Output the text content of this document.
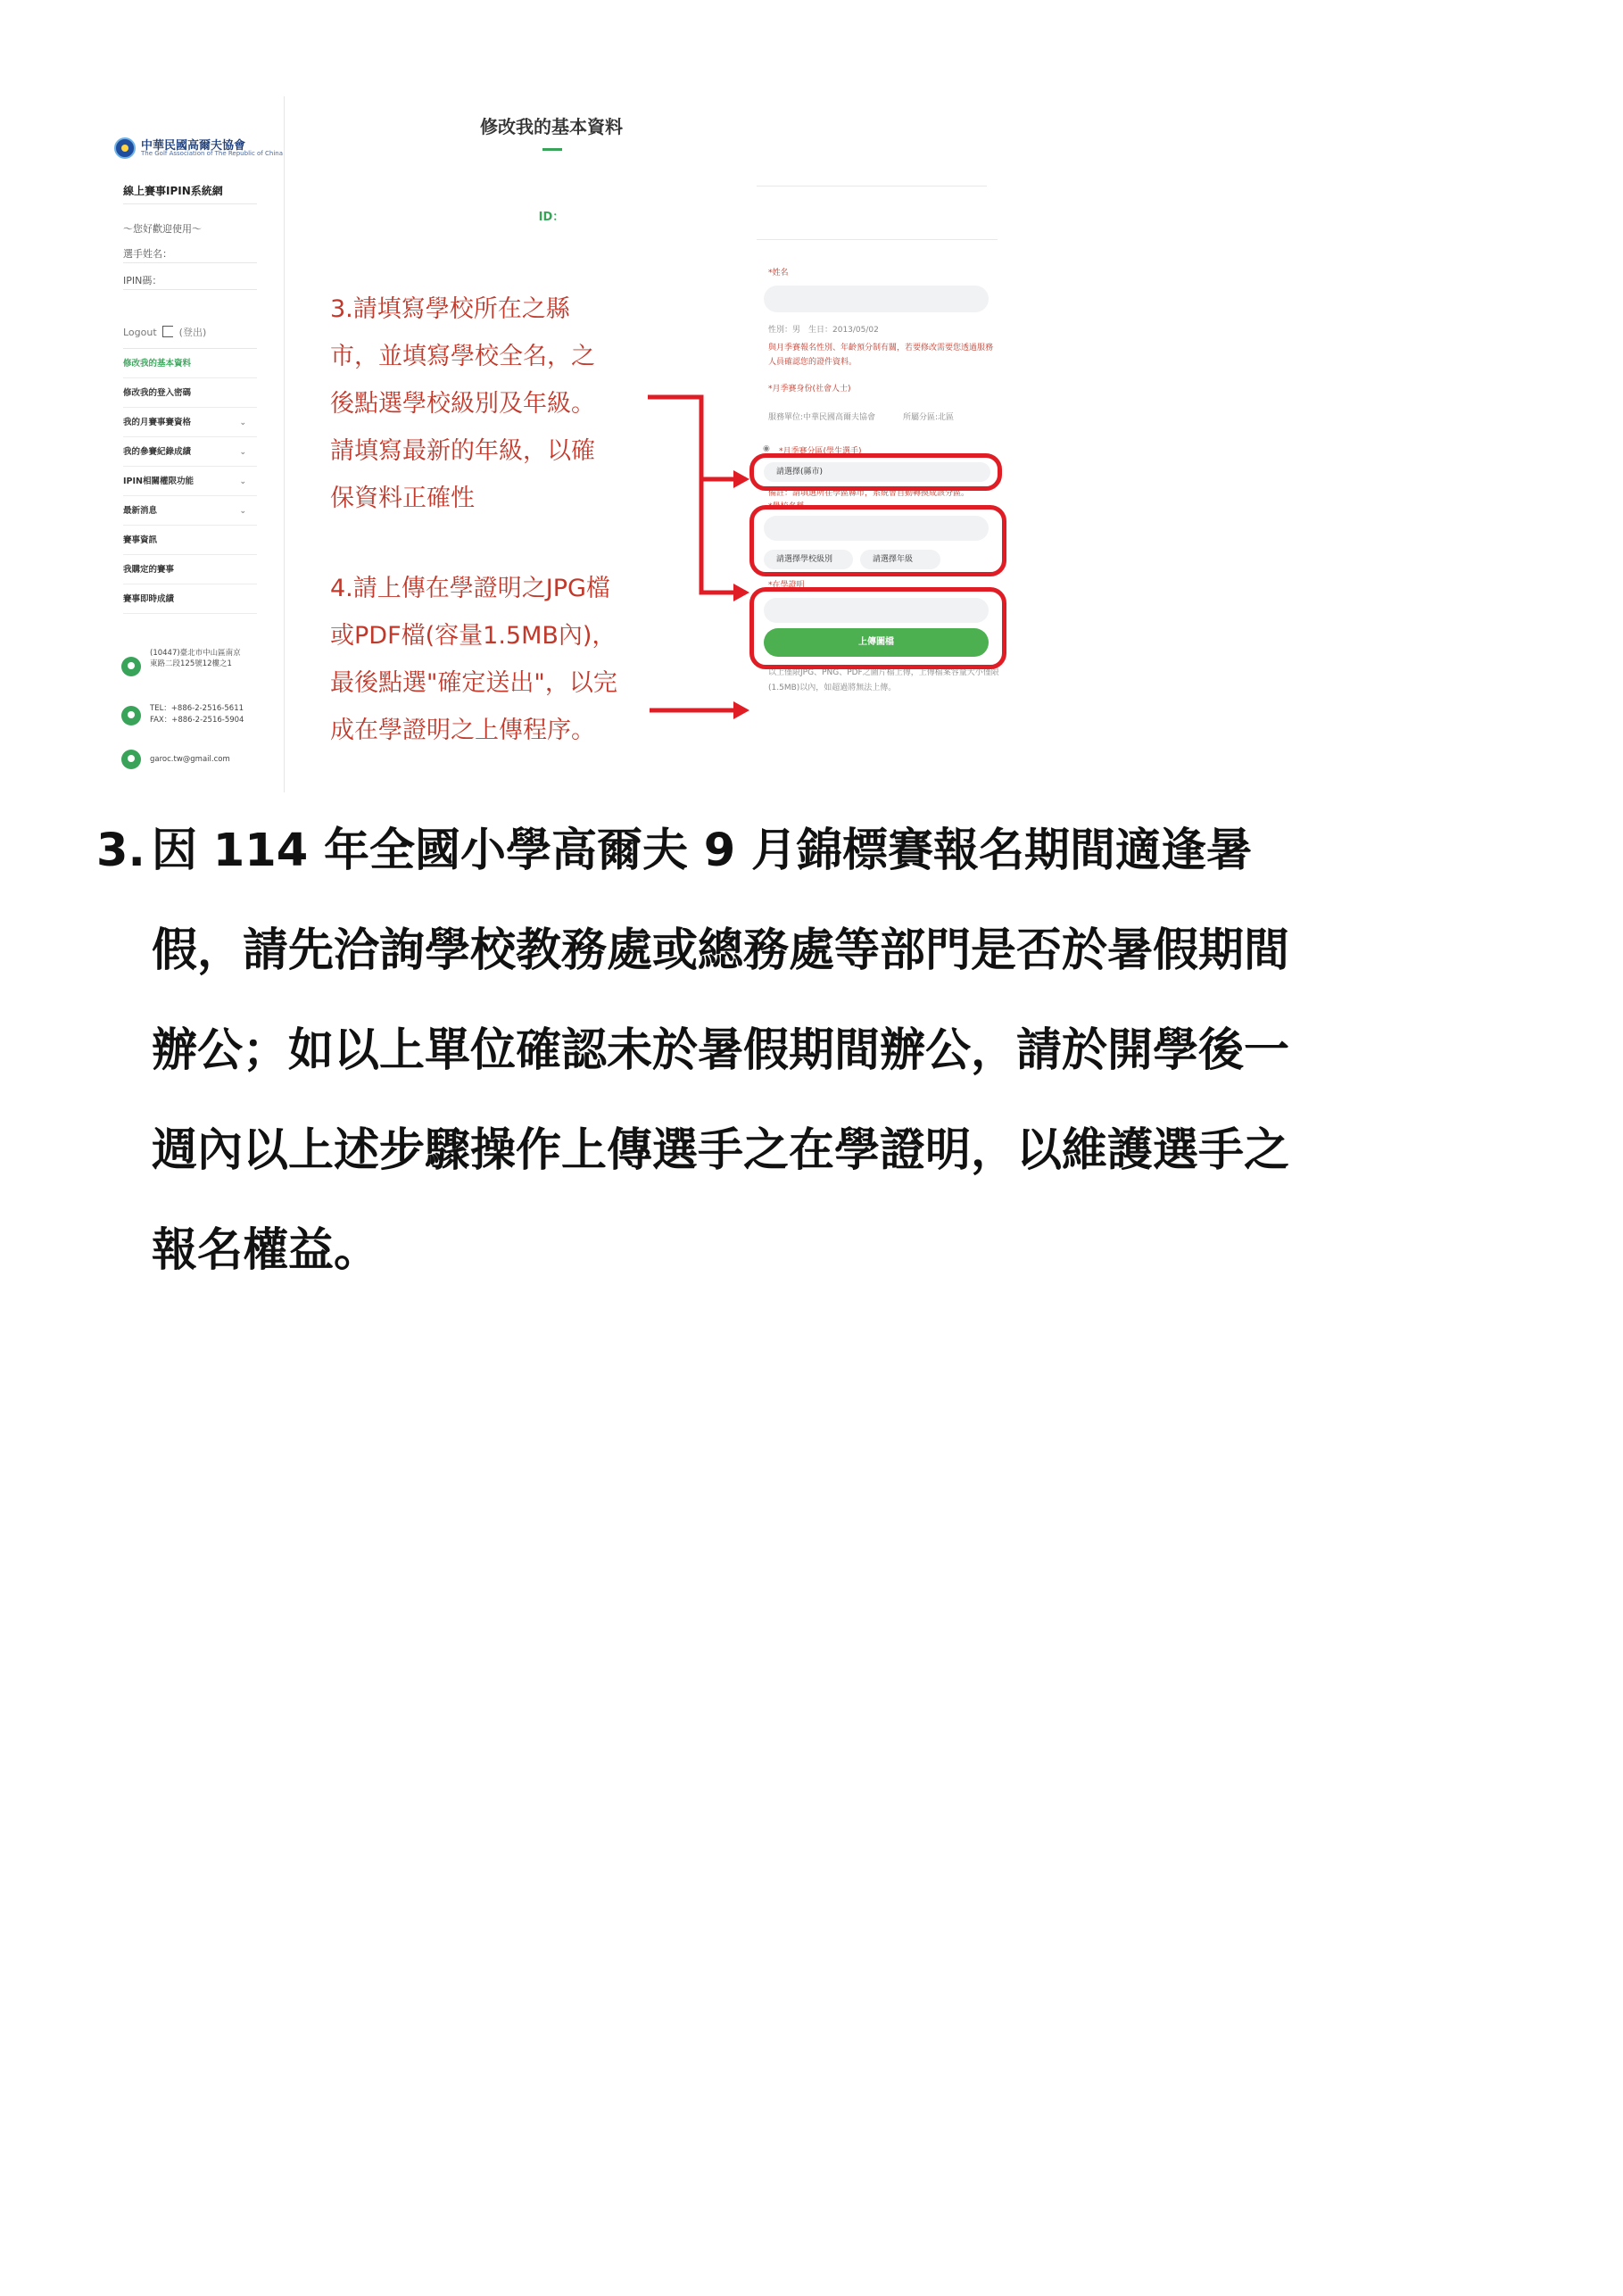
中華民國高爾夫協會
The Golf Association of The Republic of China
線上賽事IPIN系統網
～您好歡迎使用～
選手姓名：
IPIN碼：
Logout (登出)
修改我的基本資料
修改我的登入密碼
我的月賽事賽資格	⌄
我的參賽紀錄成績	⌄
IPIN相關權限功能	⌄
最新消息	⌄
賽事資訊
我購定的賽事
賽事即時成績
(10447)臺北市中山區南京東路二段125號12樓之1
TEL：+886-2-2516-5611
FAX：+886-2-2516-5904
garoc.tw@gmail.com
修改我的基本資料
ID：
*姓名
性別：男　生日：2013/05/02
與月季賽報名性別、年齡預分制有關，若要修改需要您透過服務人員確認您的證件資料。
*月季賽身份(社會人士)
服務單位:中華民國高爾夫協會	所屬分區:北區
◉ *月季賽分區(學生選手)
請選擇(縣市)
備註：請填選所在學區縣市，系統會自動轉換成該分區。
*學校名稱
請選擇學校級別	請選擇年級
*在學證明
上傳圖檔
以上僅限JPG、PNG、PDF之圖片檔上傳，上傳檔案容量大小僅限(1.5MB)以內，如超過將無法上傳。
3.請填寫學校所在之縣
市，並填寫學校全名，之
後點選學校級別及年級。
請填寫最新的年級，以確
保資料正確性
4.請上傳在學證明之JPG檔
或PDF檔(容量1.5MB內)，
最後點選"確定送出"，以完
成在學證明之上傳程序。
3. 因 114 年全國小學高爾夫 9 月錦標賽報名期間適逢暑
假，請先洽詢學校教務處或總務處等部門是否於暑假期間
辦公；如以上單位確認未於暑假期間辦公，請於開學後一
週內以上述步驟操作上傳選手之在學證明，以維護選手之
報名權益。
